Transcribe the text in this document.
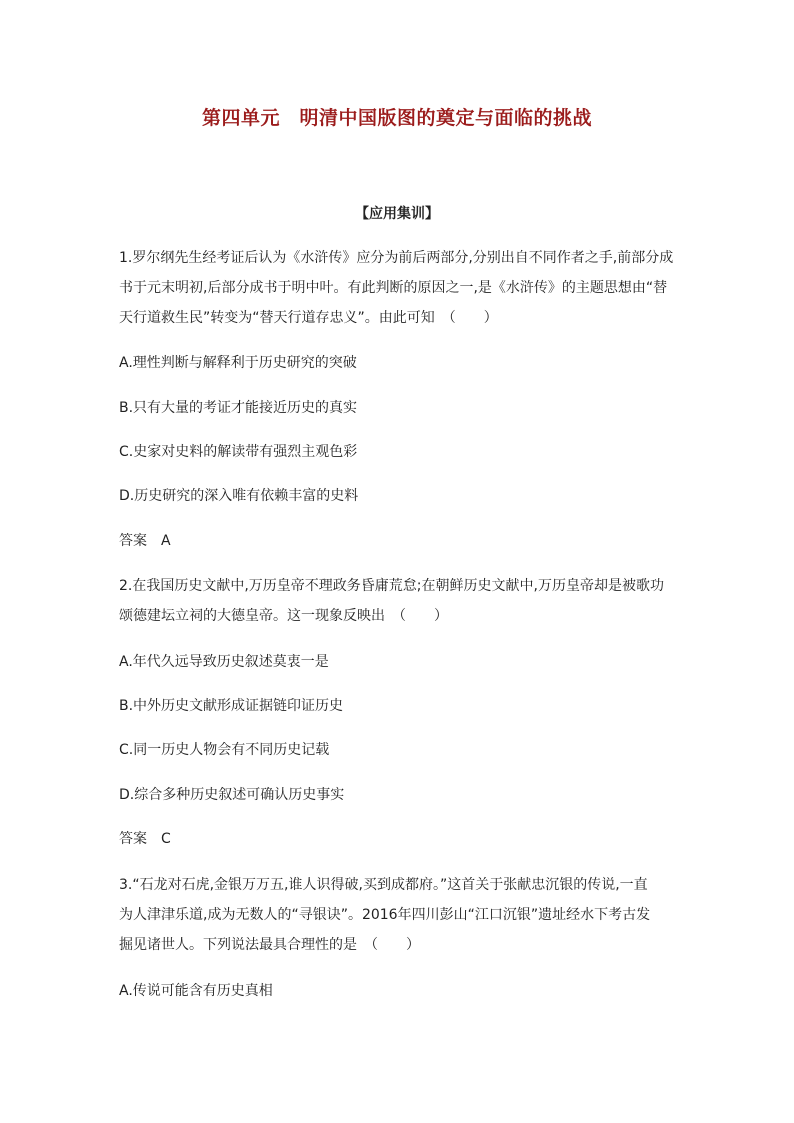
第四单元　明清中国版图的奠定与面临的挑战
【应用集训】
1.罗尔纲先生经考证后认为《水浒传》应分为前后两部分,分别出自不同作者之手,前部分成
书于元末明初,后部分成书于明中叶。有此判断的原因之一,是《水浒传》的主题思想由“替
天行道救生民”转变为“替天行道存忠义”。由此可知　（　　）
A.理性判断与解释利于历史研究的突破
B.只有大量的考证才能接近历史的真实
C.史家对史料的解读带有强烈主观色彩
D.历史研究的深入唯有依赖丰富的史料
答案　A
2.在我国历史文献中,万历皇帝不理政务昏庸荒怠;在朝鲜历史文献中,万历皇帝却是被歌功
颂德建坛立祠的大德皇帝。这一现象反映出　（　　）
A.年代久远导致历史叙述莫衷一是
B.中外历史文献形成证据链印证历史
C.同一历史人物会有不同历史记载
D.综合多种历史叙述可确认历史事实
答案　C
3.“石龙对石虎,金银万万五,谁人识得破,买到成都府。”这首关于张献忠沉银的传说,一直
为人津津乐道,成为无数人的“寻银诀”。2016年四川彭山“江口沉银”遗址经水下考古发
掘见诸世人。下列说法最具合理性的是　（　　）
A.传说可能含有历史真相
